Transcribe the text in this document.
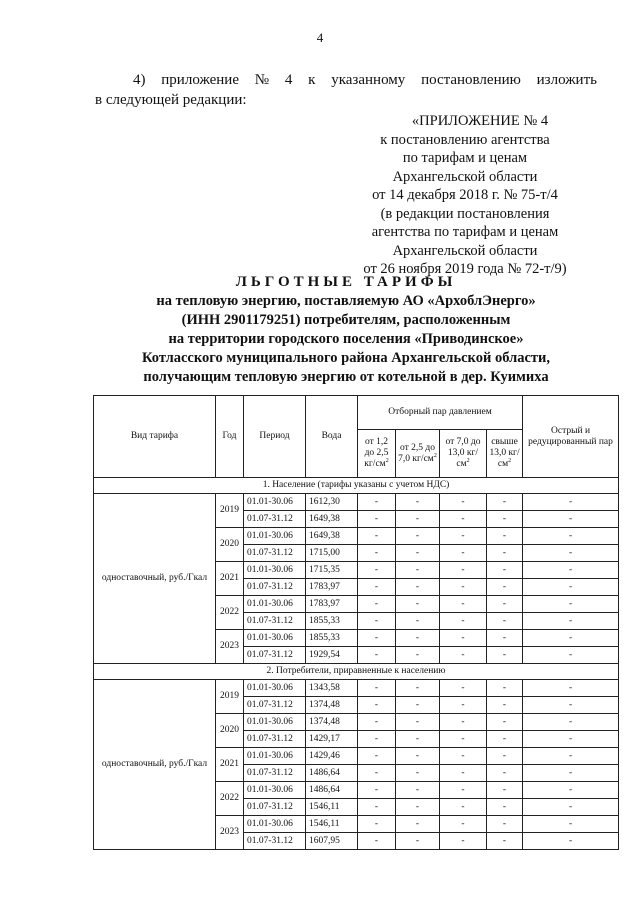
4
4) приложение № 4 к указанному постановлению изложить
в следующей редакции:
«ПРИЛОЖЕНИЕ № 4
к постановлению агентства
по тарифам и ценам
Архангельской области
от 14 декабря 2018 г. № 75-т/4
(в редакции постановления
агентства по тарифам и ценам
Архангельской области
от 26 ноября 2019 года № 72-т/9)
ЛЬГОТНЫЕ ТАРИФЫ
на тепловую энергию, поставляемую АО «АрхоблЭнерго»
(ИНН 2901179251) потребителям, расположенным
на территории городского поселения «Приводинское»
Котласского муниципального района Архангельской области,
получающим тепловую энергию от котельной в дер. Куимиха
Вид тарифа	Год	Период	Вода	Отборный пар давлением				Острый и редуцированный пар
				от 1,2 до 2,5 $кг/см^2$	от 2,5 до 7,0 $кг/см^2$	от 7,0 до 13,0 $кг/см^2$	свыше 13,0 $кг/см^2$
1. Население (тарифы указаны с учетом НДС)								
одноставочный, руб./Гкал	2019	01.01-30.06	1612,30	-	-	-	-	-
		01.07-31.12	1649,38	-	-	-	-	-
	2020	01.01-30.06	1649,38	-	-	-	-	-
		01.07-31.12	1715,00	-	-	-	-	-
	2021	01.01-30.06	1715,35	-	-	-	-	-
		01.07-31.12	1783,97	-	-	-	-	-
	2022	01.01-30.06	1783,97	-	-	-	-	-
		01.07-31.12	1855,33	-	-	-	-	-
	2023	01.01-30.06	1855,33	-	-	-	-	-
		01.07-31.12	1929,54	-	-	-	-	-
2. Потребители, приравненные к населению								
одноставочный, руб./Гкал	2019	01.01-30.06	1343,58	-	-	-	-	-
		01.07-31.12	1374,48	-	-	-	-	-
	2020	01.01-30.06	1374,48	-	-	-	-	-
		01.07-31.12	1429,17	-	-	-	-	-
	2021	01.01-30.06	1429,46	-	-	-	-	-
		01.07-31.12	1486,64	-	-	-	-	-
	2022	01.01-30.06	1486,64	-	-	-	-	-
		01.07-31.12	1546,11	-	-	-	-	-
	2023	01.01-30.06	1546,11	-	-	-	-	-
		01.07-31.12	1607,95	-	-	-	-	-
